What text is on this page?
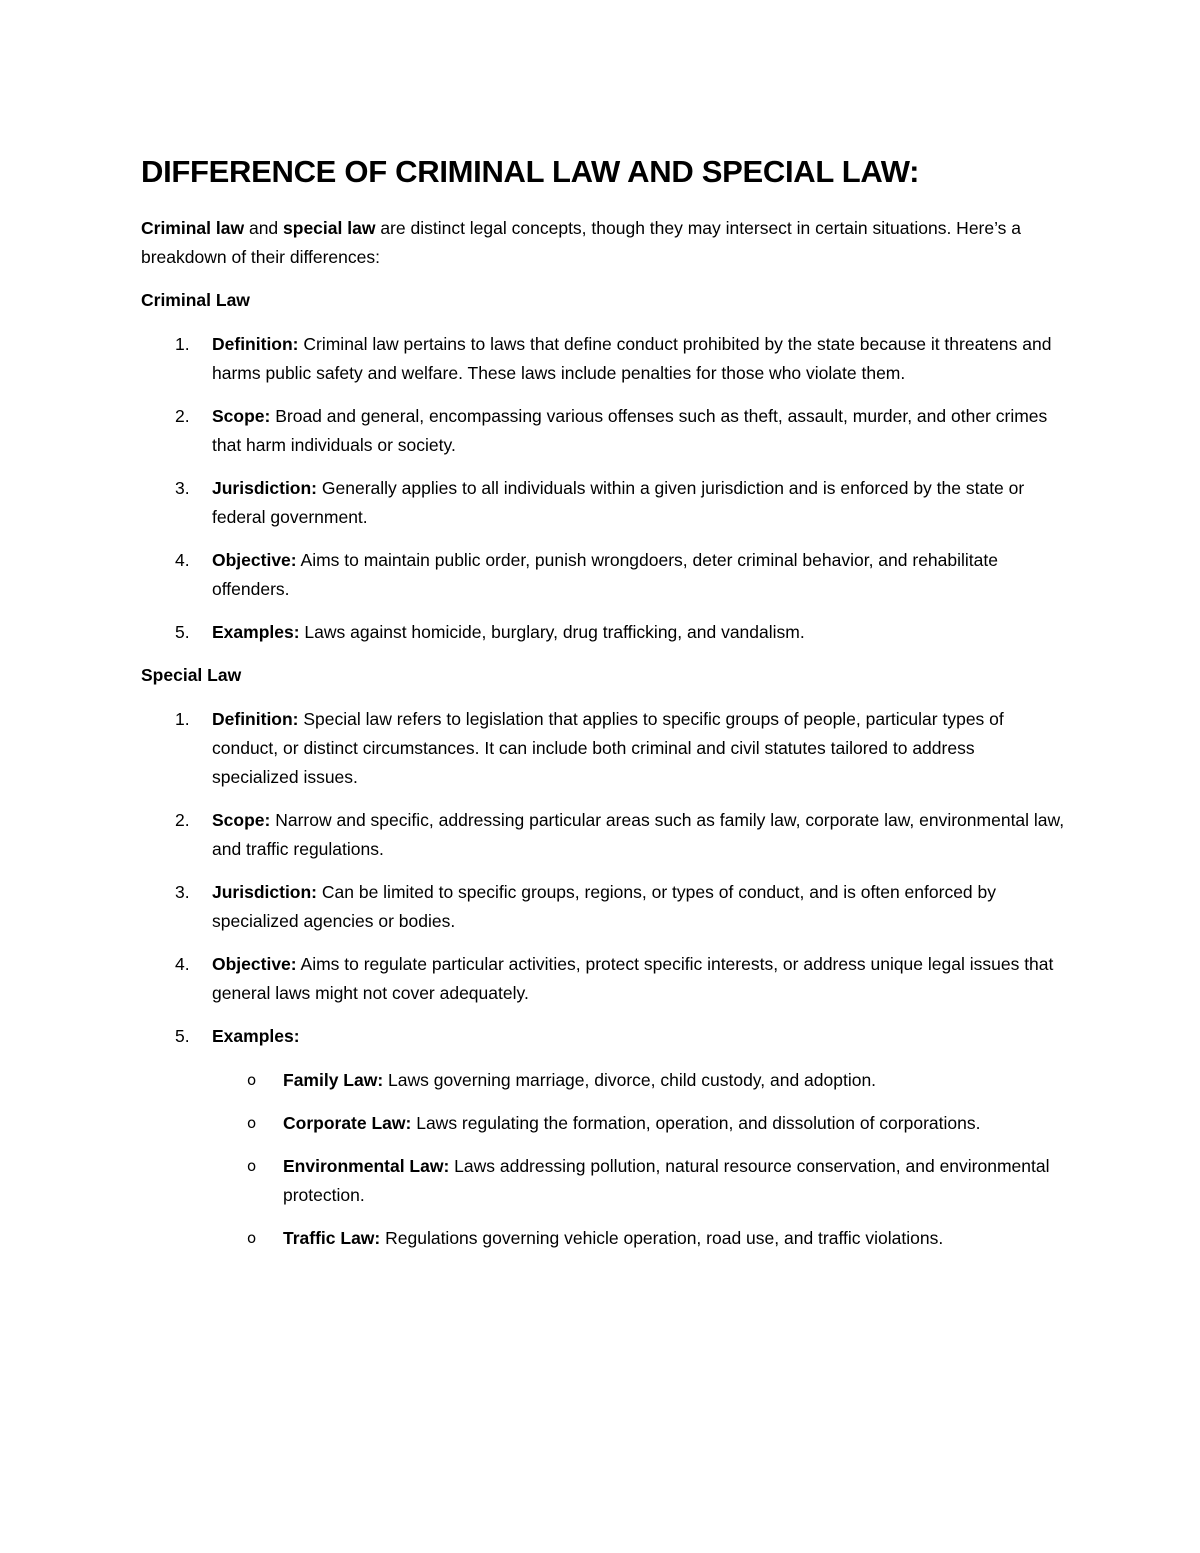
DIFFERENCE OF CRIMINAL LAW AND SPECIAL LAW:

Criminal law and special law are distinct legal concepts, though they may intersect in certain situations. Here’s a breakdown of their differences:

Criminal Law
1. Definition: Criminal law pertains to laws that define conduct prohibited by the state because it threatens and harms public safety and welfare. These laws include penalties for those who violate them.
2. Scope: Broad and general, encompassing various offenses such as theft, assault, murder, and other crimes that harm individuals or society.
3. Jurisdiction: Generally applies to all individuals within a given jurisdiction and is enforced by the state or federal government.
4. Objective: Aims to maintain public order, punish wrongdoers, deter criminal behavior, and rehabilitate offenders.
5. Examples: Laws against homicide, burglary, drug trafficking, and vandalism.
Special Law
1. Definition: Special law refers to legislation that applies to specific groups of people, particular types of conduct, or distinct circumstances. It can include both criminal and civil statutes tailored to address specialized issues.
2. Scope: Narrow and specific, addressing particular areas such as family law, corporate law, environmental law, and traffic regulations.
3. Jurisdiction: Can be limited to specific groups, regions, or types of conduct, and is often enforced by specialized agencies or bodies.
4. Objective: Aims to regulate particular activities, protect specific interests, or address unique legal issues that general laws might not cover adequately.
5. Examples:
o Family Law: Laws governing marriage, divorce, child custody, and adoption.
o Corporate Law: Laws regulating the formation, operation, and dissolution of corporations.
o Environmental Law: Laws addressing pollution, natural resource conservation, and environmental protection.
o Traffic Law: Regulations governing vehicle operation, road use, and traffic violations.
